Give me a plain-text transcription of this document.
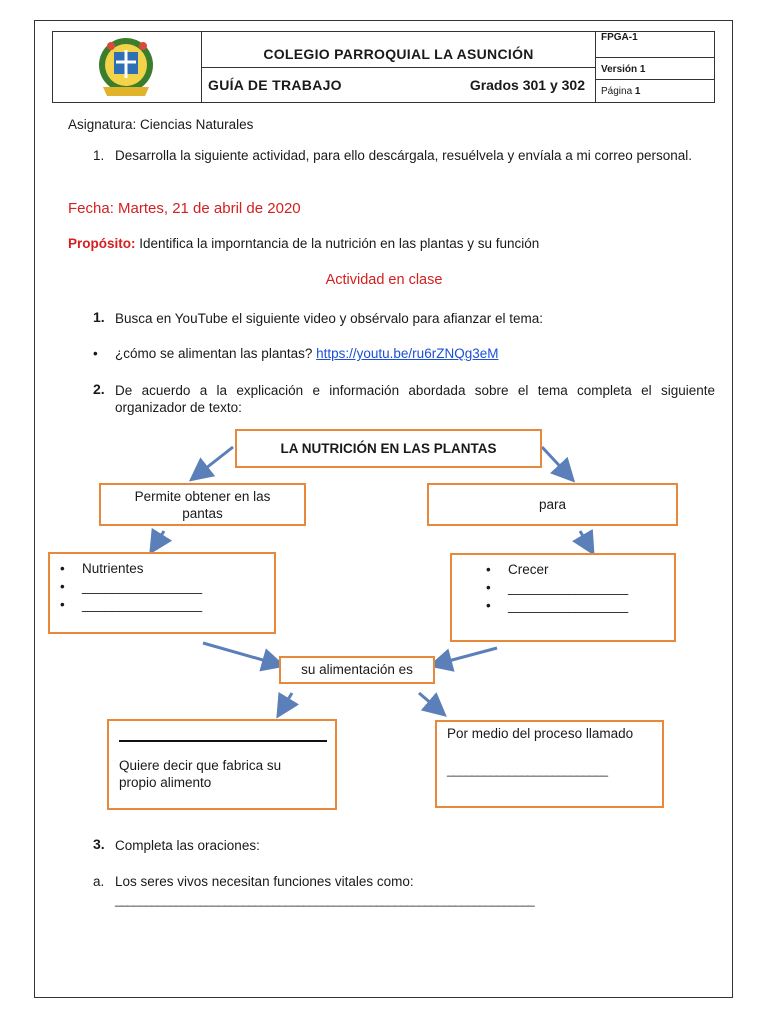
COLEGIO PARROQUIAL LA ASUNCIÓN
GUÍA DE TRABAJO	Grados 301 y 302
FPGA-1
Versión 1
Página 1
Asignatura: Ciencias Naturales
1. Desarrolla la siguiente actividad, para ello descárgala, resuélvela y envíala a mi correo personal.
Fecha: Martes, 21 de abril de 2020
Propósito: Identifica la imporntancia de la nutrición en las plantas y su función
Actividad en clase
1. Busca en YouTube el siguiente video y obsérvalo para afianzar el tema:
• ¿cómo se alimentan las plantas? https://youtu.be/ru6rZNQg3eM
2. De acuerdo a la explicación e información abordada sobre el tema completa el siguiente organizador de texto:
LA NUTRICIÓN EN LAS PLANTAS
Permite obtener en las pantas
para
• Nutrientes
• ________________
• ________________
• Crecer
• ________________
• ________________
su alimentación es
Quiere decir que fabrica su propio alimento
Por medio del proceso llamado
__________________________
3. Completa las oraciones:
a. Los seres vivos necesitan funciones vitales como:
_____________________________________________________________________
